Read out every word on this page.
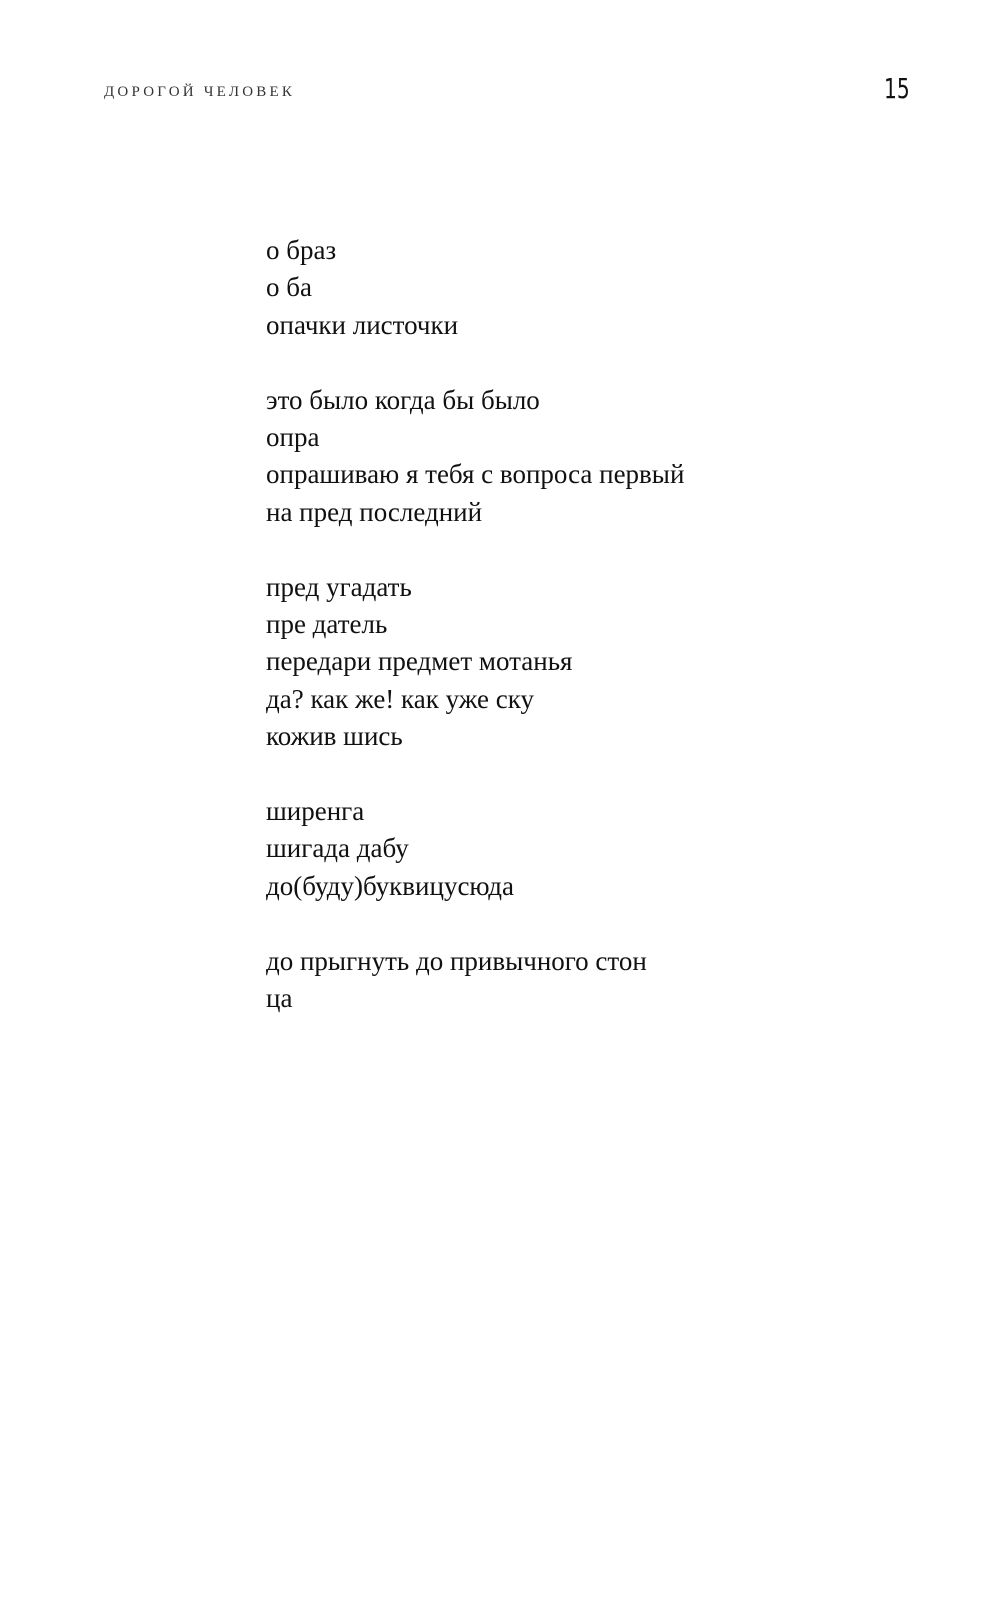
ДОРОГОЙ ЧЕЛОВЕК	15
о браз
о ба
опачки листочки
это было когда бы было
опра
опрашиваю я тебя с вопроса первый
на пред последний
пред угадать
пре датель
передари предмет мотанья
да? как же! как уже ску
кожив шись
ширенга
шигада дабу
до(буду)буквицусюда
до прыгнуть до привычного стон
ца
